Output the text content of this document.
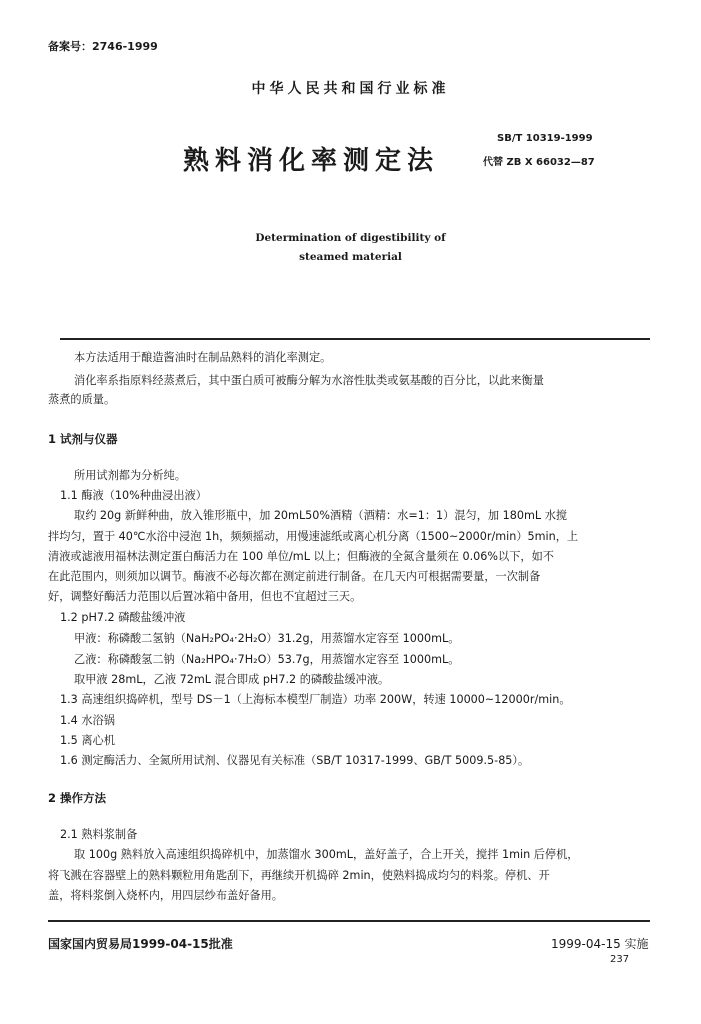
备案号：2746-1999
中华人民共和国行业标准
熟料消化率测定法
SB/T 10319-1999
代替 ZB X 66032—87
Determination of digestibility of
steamed material
本方法适用于酿造酱油时在制品熟料的消化率测定。
消化率系指原料经蒸煮后，其中蛋白质可被酶分解为水溶性肽类或氨基酸的百分比，以此来衡量
蒸煮的质量。
1 试剂与仪器
所用试剂都为分析纯。
1.1 酶液（10%种曲浸出液）
取约 20g 新鲜种曲，放入锥形瓶中，加 20mL50%酒精（酒精：水=1：1）混匀，加 180mL 水搅
拌均匀，置于 40℃水浴中浸泡 1h，频频摇动，用慢速滤纸或离心机分离（1500~2000r/min）5min，上
清液或滤液用福林法测定蛋白酶活力在 100 单位/mL 以上；但酶液的全氮含量须在 0.06%以下，如不
在此范围内，则须加以调节。酶液不必每次都在测定前进行制备。在几天内可根据需要量，一次制备
好，调整好酶活力范围以后置冰箱中备用，但也不宜超过三天。
1.2 pH7.2 磷酸盐缓冲液
甲液：称磷酸二氢钠（NaH₂PO₄·2H₂O）31.2g，用蒸馏水定容至 1000mL。
乙液：称磷酸氢二钠（Na₂HPO₄·7H₂O）53.7g，用蒸馏水定容至 1000mL。
取甲液 28mL，乙液 72mL 混合即成 pH7.2 的磷酸盐缓冲液。
1.3 高速组织捣碎机，型号 DS－1（上海标本模型厂制造）功率 200W，转速 10000~12000r/min。
1.4 水浴锅
1.5 离心机
1.6 测定酶活力、全氮所用试剂、仪器见有关标准（SB/T 10317-1999、GB/T 5009.5-85）。
2 操作方法
2.1 熟料浆制备
取 100g 熟料放入高速组织捣碎机中，加蒸馏水 300mL，盖好盖子，合上开关，搅拌 1min 后停机，
将飞溅在容器壁上的熟料颗粒用角匙刮下，再继续开机捣碎 2min，使熟料捣成均匀的料浆。停机、开
盖，将料浆倒入烧杯内，用四层纱布盖好备用。
国家国内贸易局1999-04-15批准	1999-04-15 实施
237
